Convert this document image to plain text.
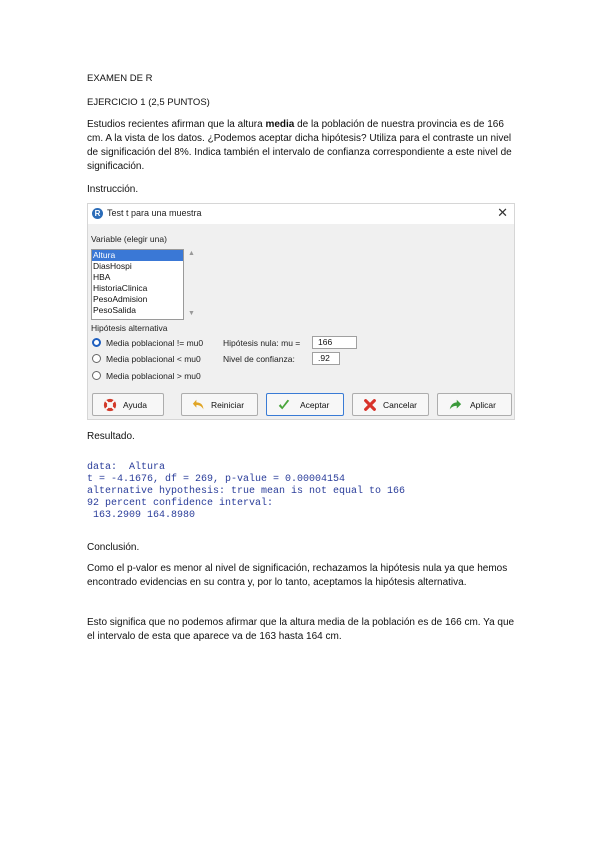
EXAMEN DE R
EJERCICIO 1 (2,5 PUNTOS)
Estudios recientes afirman que la altura media de la población de nuestra provincia es de 166 cm. A la vista de los datos. ¿Podemos aceptar dicha hipótesis? Utiliza para el contraste un nivel de significación del 8%. Indica también el intervalo de confianza correspondiente a este nivel de significación.
Instrucción.
R Test t para una muestra	✕
Variable (elegir una)
Altura
DiasHospi
HBA
HistoriaClinica
PesoAdmision
PesoSalida
▲
▼
Hipótesis alternativa
Media poblacional != mu0
Media poblacional < mu0
Media poblacional > mu0
Hipótesis nula: mu =	166
Nivel de confianza:	.92
Ayuda	Reiniciar	Aceptar	Cancelar	Aplicar
Resultado.
data:  Altura
t = -4.1676, df = 269, p-value = 0.00004154
alternative hypothesis: true mean is not equal to 166
92 percent confidence interval:
163.2909 164.8980
Conclusión.
Como el p-valor es menor al nivel de significación, rechazamos la hipótesis nula ya que hemos encontrado evidencias en su contra y, por lo tanto, aceptamos la hipótesis alternativa.
Esto significa que no podemos afirmar que la altura media de la población es de 166 cm. Ya que el intervalo de esta que aparece va de 163 hasta 164 cm.
